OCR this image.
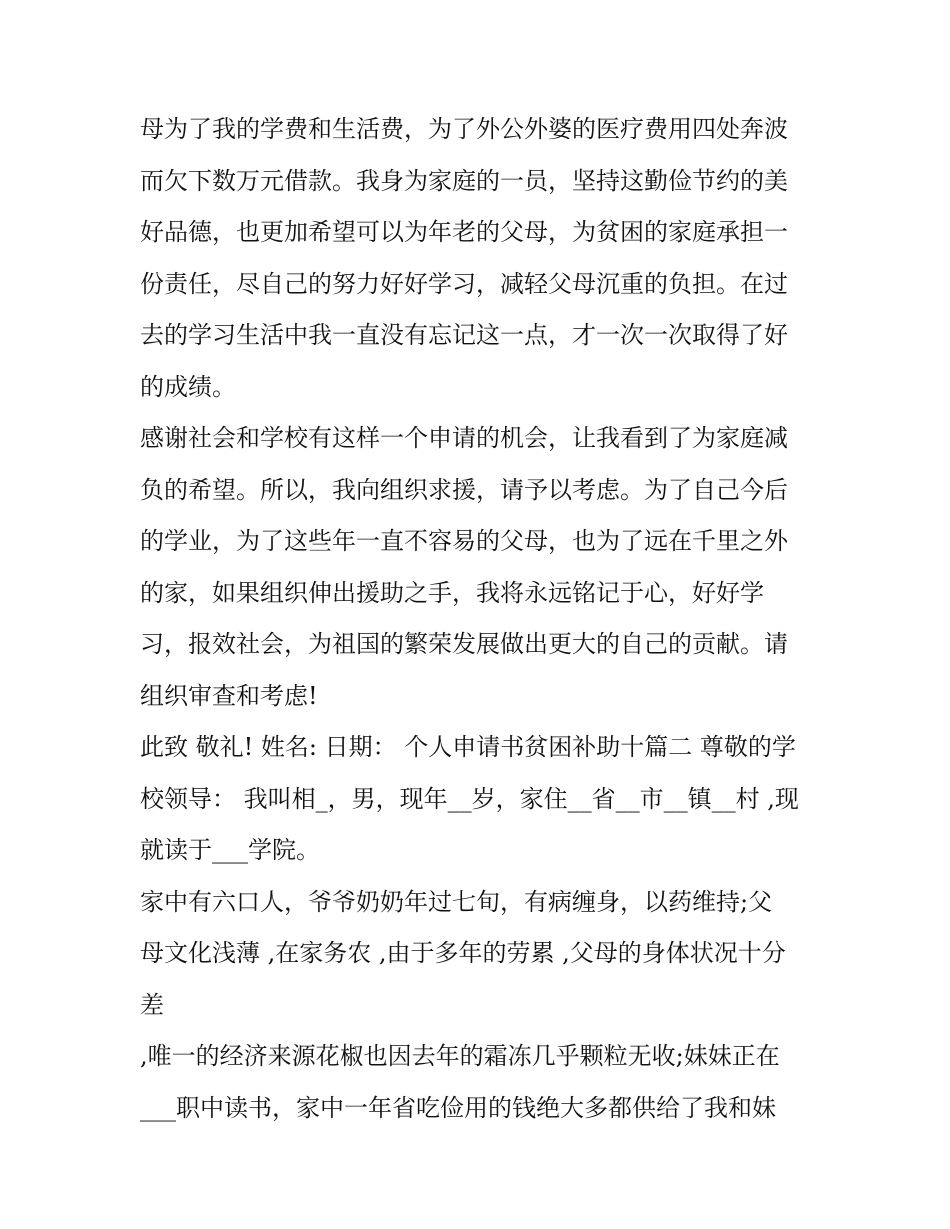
母为了我的学费和生活费，为了外公外婆的医疗费用四处奔波
而欠下数万元借款。我身为家庭的一员，坚持这勤俭节约的美
好品德，也更加希望可以为年老的父母，为贫困的家庭承担一
份责任，尽自己的努力好好学习，减轻父母沉重的负担。在过
去的学习生活中我一直没有忘记这一点，才一次一次取得了好
的成绩。
感谢社会和学校有这样一个申请的机会，让我看到了为家庭减
负的希望。所以，我向组织求援，请予以考虑。为了自己今后
的学业，为了这些年一直不容易的父母，也为了远在千里之外
的家，如果组织伸出援助之手，我将永远铭记于心，好好学
习，报效社会，为祖国的繁荣发展做出更大的自己的贡献。请
组织审查和考虑!
此致 敬礼! 姓名: 日期： 个人申请书贫困补助十篇二 尊敬的学
校领导： 我叫相_，男，现年__岁，家住__省__市__镇__村 ,现
就读于___学院。
家中有六口人，爷爷奶奶年过七旬，有病缠身，以药维持;父
母文化浅薄 ,在家务农 ,由于多年的劳累 ,父母的身体状况十分
差
,唯一的经济来源花椒也因去年的霜冻几乎颗粒无收;妹妹正在
___职中读书，家中一年省吃俭用的钱绝大多都供给了我和妹
